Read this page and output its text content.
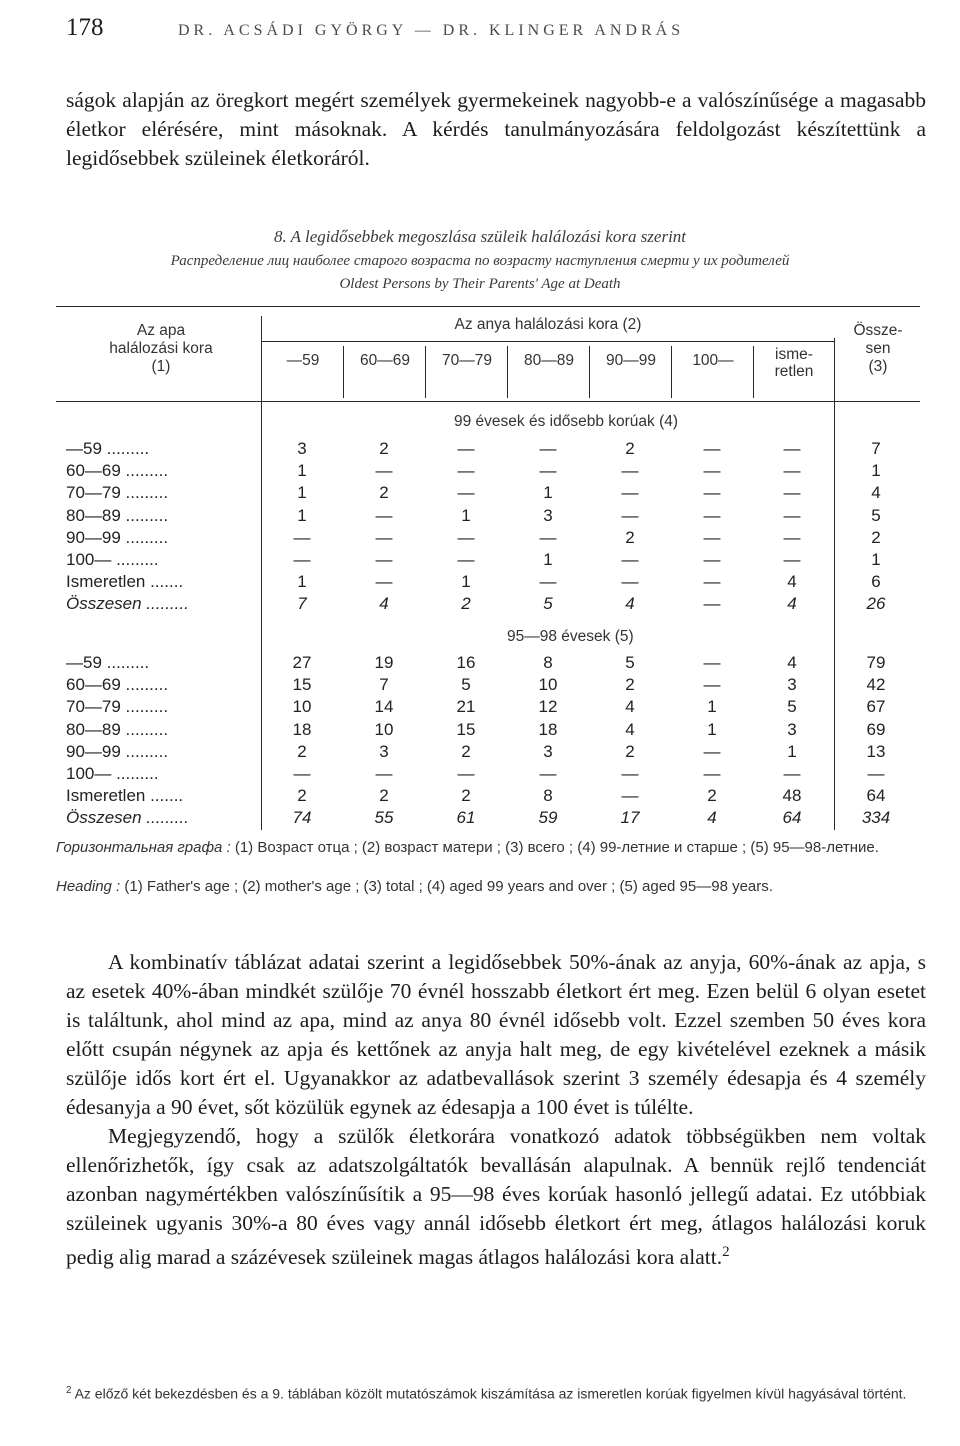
178	DR. ACSÁDI GYÖRGY — DR. KLINGER ANDRÁS
ságok alapján az öregkort megért személyek gyermekeinek nagyobb-e a valószínűsége a magasabb életkor elérésére, mint másoknak. A kérdés tanulmányozására feldolgozást készítettünk a legidősebbek szüleinek életkoráról.
8. A legidősebbek megoszlása szüleik halálozási kora szerint
Распределение лиц наиболее старого возраста по возрасту наступления смерти у их родителей
Oldest Persons by Their Parents' Age at Death
Az apa
halálozási kora
(1)
Az anya halálozási kora (2)
—59	60—69	70—79	80—89	90—99	100—	isme-
retlen
Össze-
sen
(3)
99 évesek és idősebb korúak (4)
95—98 évesek (5)
—59 .........	3	2	—	—	2	—	—	7
60—69 .........	1	—	—	—	—	—	—	1
70—79 .........	1	2	—	1	—	—	—	4
80—89 .........	1	—	1	3	—	—	—	5
90—99 .........	—	—	—	—	2	—	—	2
100— .........	—	—	—	1	—	—	—	1
Ismeretlen .......	1	—	1	—	—	—	4	6
Összesen .........	7	4	2	5	4	—	4	26
—59 .........	27	19	16	8	5	—	4	79
60—69 .........	15	7	5	10	2	—	3	42
70—79 .........	10	14	21	12	4	1	5	67
80—89 .........	18	10	15	18	4	1	3	69
90—99 .........	2	3	2	3	2	—	1	13
100— .........	—	—	—	—	—	—	—	—
Ismeretlen .......	2	2	2	8	—	2	48	64
Összesen .........	74	55	61	59	17	4	64	334
Горизонтальная графа : (1) Возраст отца ; (2) возраст матери ; (3) всего ; (4) 99-летние и старше ; (5) 95—98-летние.
Heading : (1) Father's age ; (2) mother's age ; (3) total ; (4) aged 99 years and over ; (5) aged 95—98 years.

A kombinatív táblázat adatai szerint a legidősebbek 50%-ának az anyja, 60%-ának az apja, s az esetek 40%-ában mindkét szülője 70 évnél hosszabb életkort ért meg. Ezen belül 6 olyan esetet is találtunk, ahol mind az apa, mind az anya 80 évnél idősebb volt. Ezzel szemben 50 éves kora előtt csupán négynek az apja és kettőnek az anyja halt meg, de egy kivételével ezeknek a másik szülője idős kort ért el. Ugyanakkor az adatbevallások szerint 3 személy édesapja és 4 személy édesanyja a 90 évet, sőt közülük egynek az édesapja a 100 évet is túlélte.

Megjegyzendő, hogy a szülők életkorára vonatkozó adatok többségükben nem voltak ellenőrizhetők, így csak az adatszolgáltatók bevallásán alapulnak. A bennük rejlő tendenciát azonban nagymértékben valószínűsítik a 95—98 éves korúak hasonló jellegű adatai. Ez utóbbiak szüleinek ugyanis 30%-a 80 éves vagy annál idősebb életkort ért meg, átlagos halálozási koruk pedig alig marad a százévesek szüleinek magas átlagos halálozási kora alatt.$^2$

$^2$ Az előző két bekezdésben és a 9. táblában közölt mutatószámok kiszámítása az ismeretlen korúak figyelmen kívül hagyásával történt.
